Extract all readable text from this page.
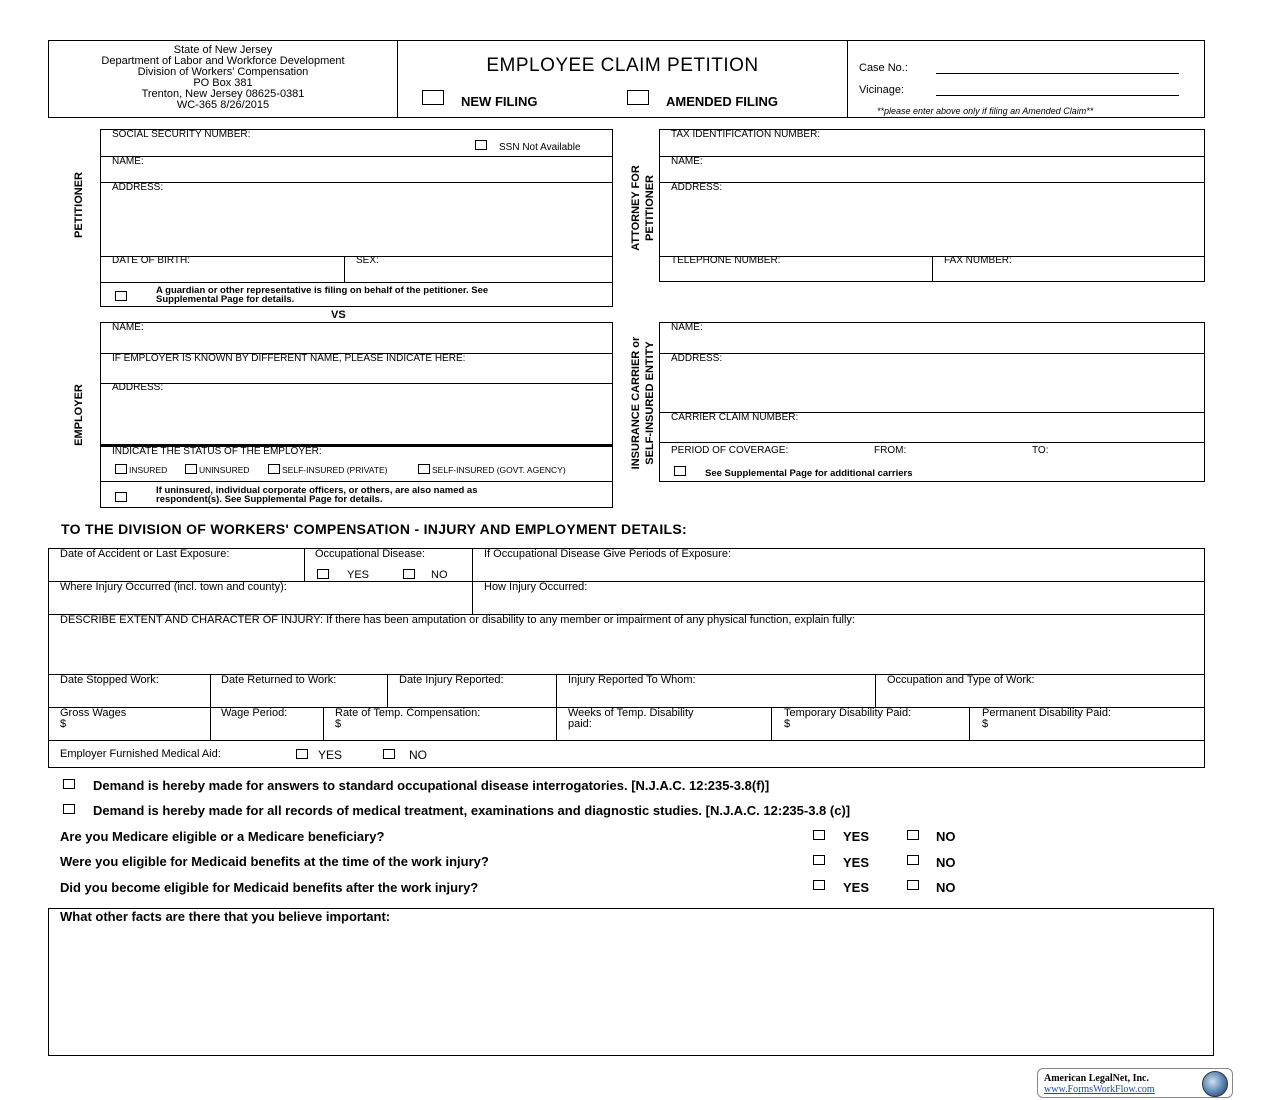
State of New Jersey
Department of Labor and Workforce Development
Division of Workers' Compensation
PO Box 381
Trenton, New Jersey 08625-0381
WC-365 8/26/2015
EMPLOYEE CLAIM PETITION
NEW FILING	AMENDED FILING
Case No.:
Vicinage:
**please enter above only if filing an Amended Claim**
PETITIONER
SOCIAL SECURITY NUMBER:
SSN Not Available
NAME:
ADDRESS:
DATE OF BIRTH:	SEX:
A guardian or other representative is filing on behalf of the petitioner. See
Supplemental Page for details.
VS
ATTORNEY FOR PETITIONER
TAX IDENTIFICATION NUMBER:
NAME:
ADDRESS:
TELEPHONE NUMBER:	FAX NUMBER:
EMPLOYER
NAME:
IF EMPLOYER IS KNOWN BY DIFFERENT NAME, PLEASE INDICATE HERE:
ADDRESS:
INDICATE THE STATUS OF THE EMPLOYER:
INSURED	UNINSURED	SELF-INSURED (PRIVATE)	SELF-INSURED (GOVT. AGENCY)
If uninsured, individual corporate officers, or others, are also named as
respondent(s). See Supplemental Page for details.
INSURANCE CARRIER or SELF-INSURED ENTITY
NAME:
ADDRESS:
CARRIER CLAIM NUMBER:
PERIOD OF COVERAGE:	FROM:	TO:
See Supplemental Page for additional carriers
TO THE DIVISION OF WORKERS' COMPENSATION - INJURY AND EMPLOYMENT DETAILS:
Date of Accident or Last Exposure:	Occupational Disease:
YES	NO
If Occupational Disease Give Periods of Exposure:
Where Injury Occurred (incl. town and county):	How Injury Occurred:
DESCRIBE EXTENT AND CHARACTER OF INJURY: If there has been amputation or disability to any member or impairment of any physical function, explain fully:
Date Stopped Work:	Date Returned to Work:	Date Injury Reported:	Injury Reported To Whom:	Occupation and Type of Work:
Gross Wages
$
Wage Period:	Rate of Temp. Compensation:
$
Weeks of Temp. Disability
paid:
Temporary Disability Paid:
$
Permanent Disability Paid:
$
Employer Furnished Medical Aid:	YES	NO
Demand is hereby made for answers to standard occupational disease interrogatories. [N.J.A.C. 12:235-3.8(f)]
Demand is hereby made for all records of medical treatment, examinations and diagnostic studies. [N.J.A.C. 12:235-3.8 (c)]
Are you Medicare eligible or a Medicare beneficiary?	YES	NO
Were you eligible for Medicaid benefits at the time of the work injury?	YES	NO
Did you become eligible for Medicaid benefits after the work injury?	YES	NO
What other facts are there that you believe important:
American LegalNet, Inc.
www.FormsWorkFlow.com
